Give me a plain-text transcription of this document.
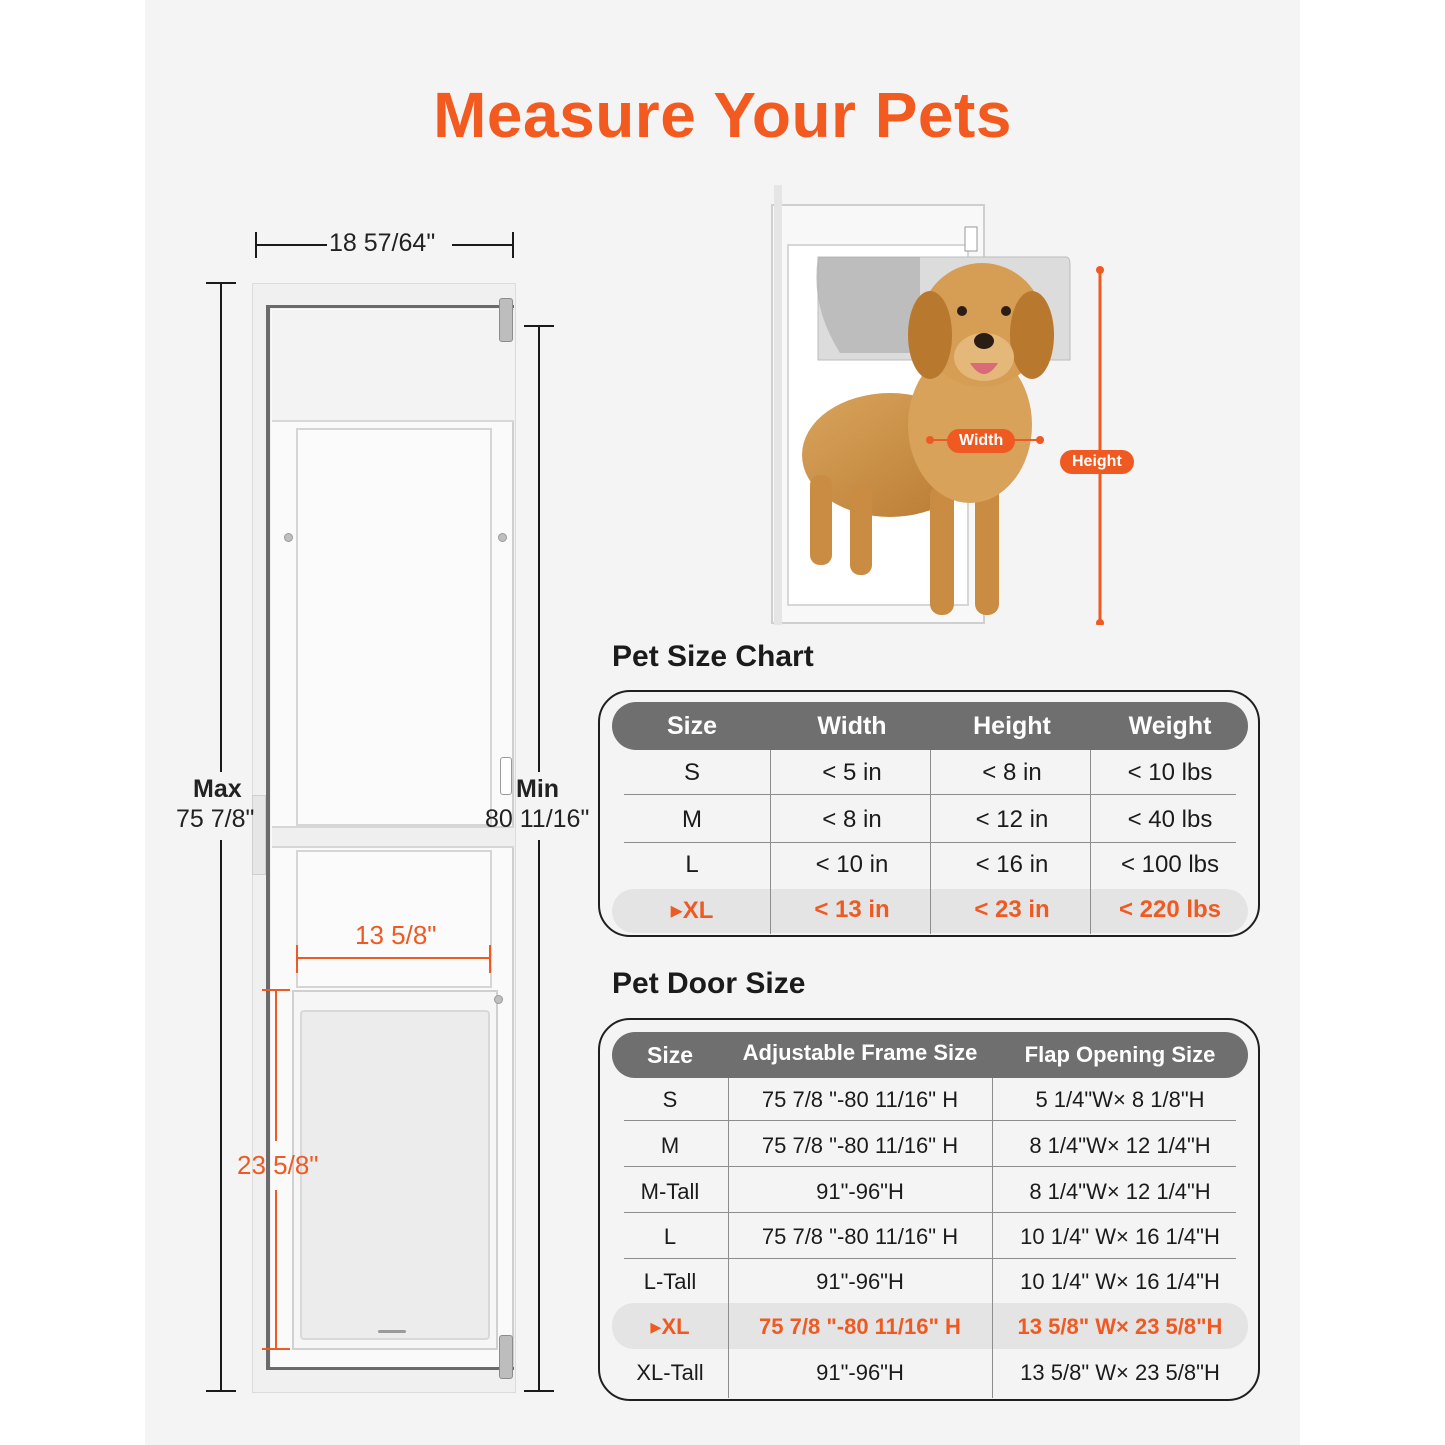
Measure Your Pets
18 57/64"
Max
75 7/8"
Min
80 11/16"
13 5/8"
23 5/8"
Width
Height
Pet Size Chart
Size	Width	Height	Weight
S	< 5 in	< 8 in	< 10 lbs
M	< 8 in	< 12 in	< 40 lbs
L	< 10 in	< 16 in	< 100 lbs
▸XL	< 13 in	< 23 in	< 220 lbs
Pet Door Size
Size	Adjustable Frame Size	Flap Opening Size
S	75 7/8 "-80 11/16" H	5 1/4"W× 8 1/8"H
M	75 7/8 "-80 11/16" H	8 1/4"W× 12 1/4"H
M-Tall	91"-96"H	8 1/4"W× 12 1/4"H
L	75 7/8 "-80 11/16" H	10 1/4" W× 16 1/4"H
L-Tall	91"-96"H	10 1/4" W× 16 1/4"H
▸XL	75 7/8 "-80 11/16" H	13 5/8" W× 23 5/8"H
XL-Tall	91"-96"H	13 5/8" W× 23 5/8"H
